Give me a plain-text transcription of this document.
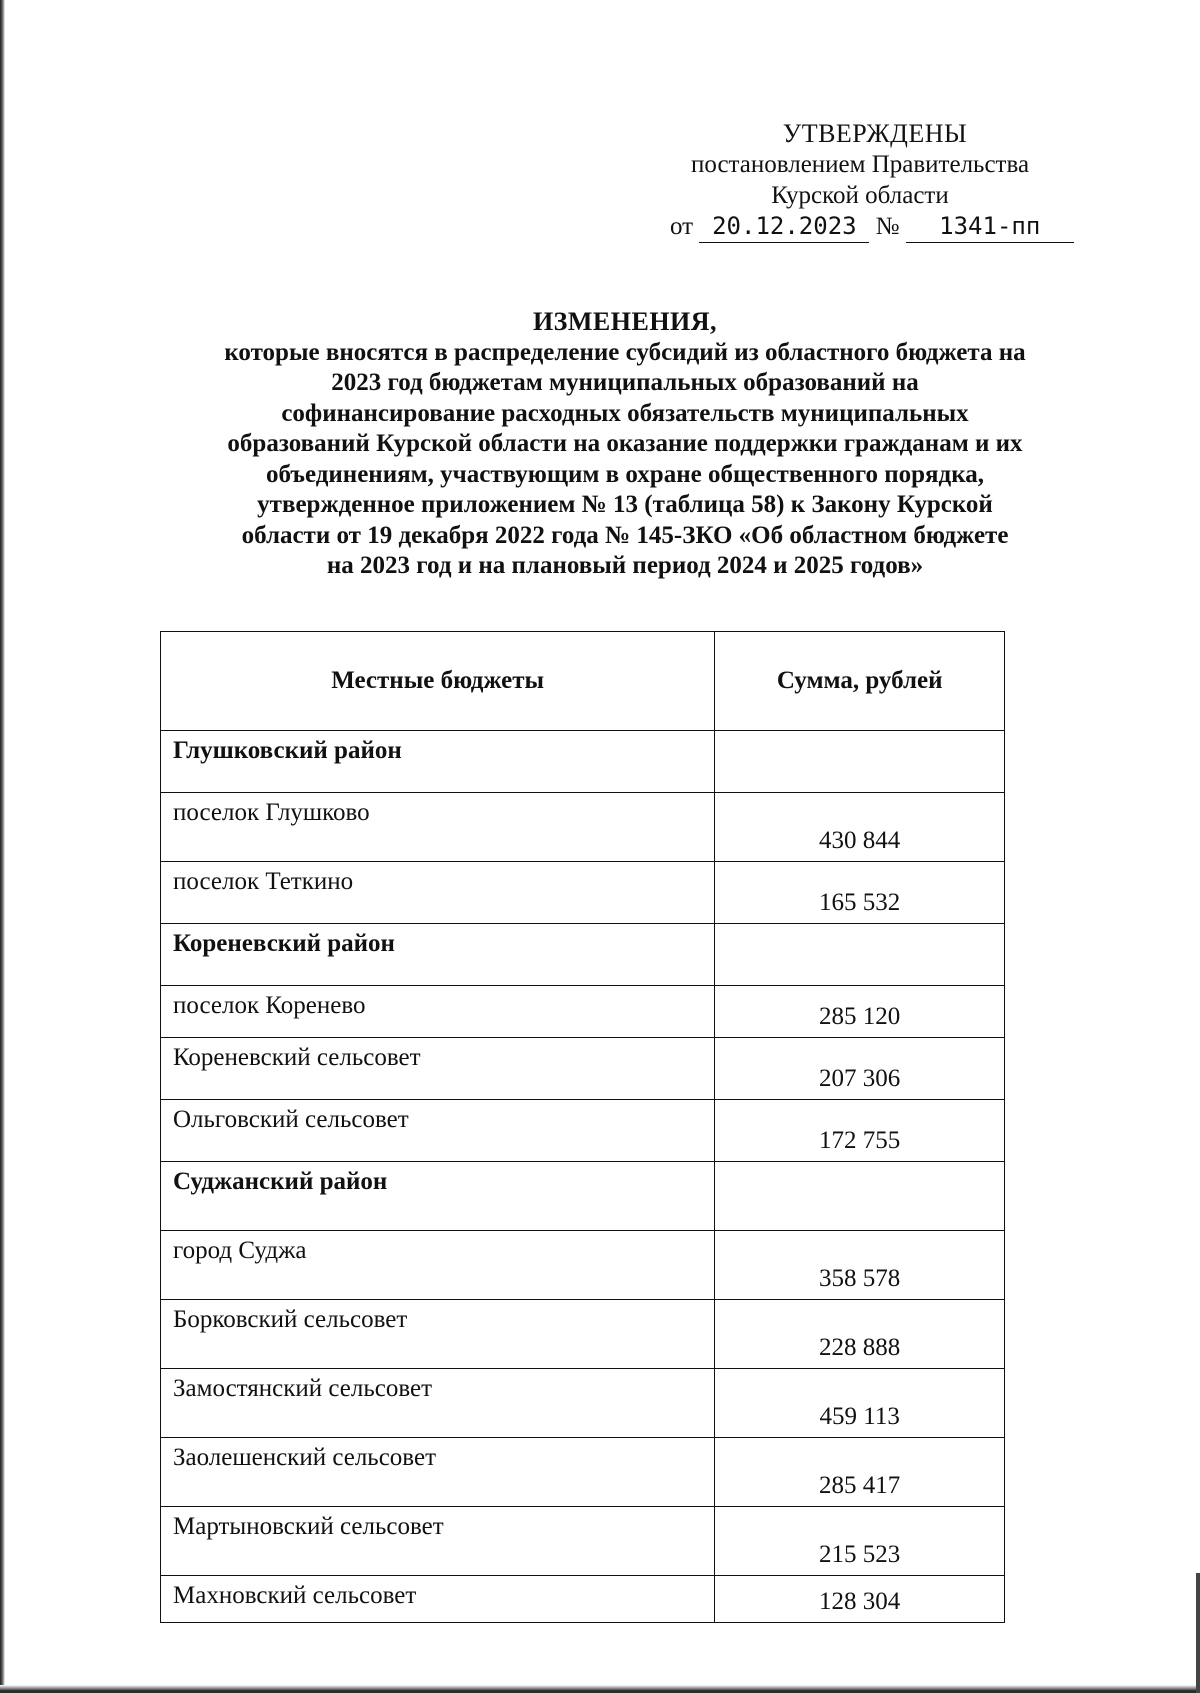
УТВЕРЖДЕНЫ
постановлением Правительства
Курской области
от 20.12.2023 № 1341-пп
ИЗМЕНЕНИЯ,
которые вносятся в распределение субсидий из областного бюджета на
2023 год бюджетам муниципальных образований на
софинансирование расходных обязательств муниципальных
образований Курской области на оказание поддержки гражданам и их
объединениям, участвующим в охране общественного порядка,
утвержденное приложением № 13 (таблица 58) к Закону Курской
области от 19 декабря 2022 года № 145-ЗКО «Об областном бюджете
на 2023 год и на плановый период 2024 и 2025 годов»
Местные бюджеты	Сумма, рублей
Глушковский район	
поселок Глушково	430 844
поселок Теткино	165 532
Кореневский район	
поселок Коренево	285 120
Кореневский сельсовет	207 306
Ольговский сельсовет	172 755
Суджанский район	
город Суджа	358 578
Борковский сельсовет	228 888
Замостянский сельсовет	459 113
Заолешенский сельсовет	285 417
Мартыновский сельсовет	215 523
Махновский сельсовет	128 304
